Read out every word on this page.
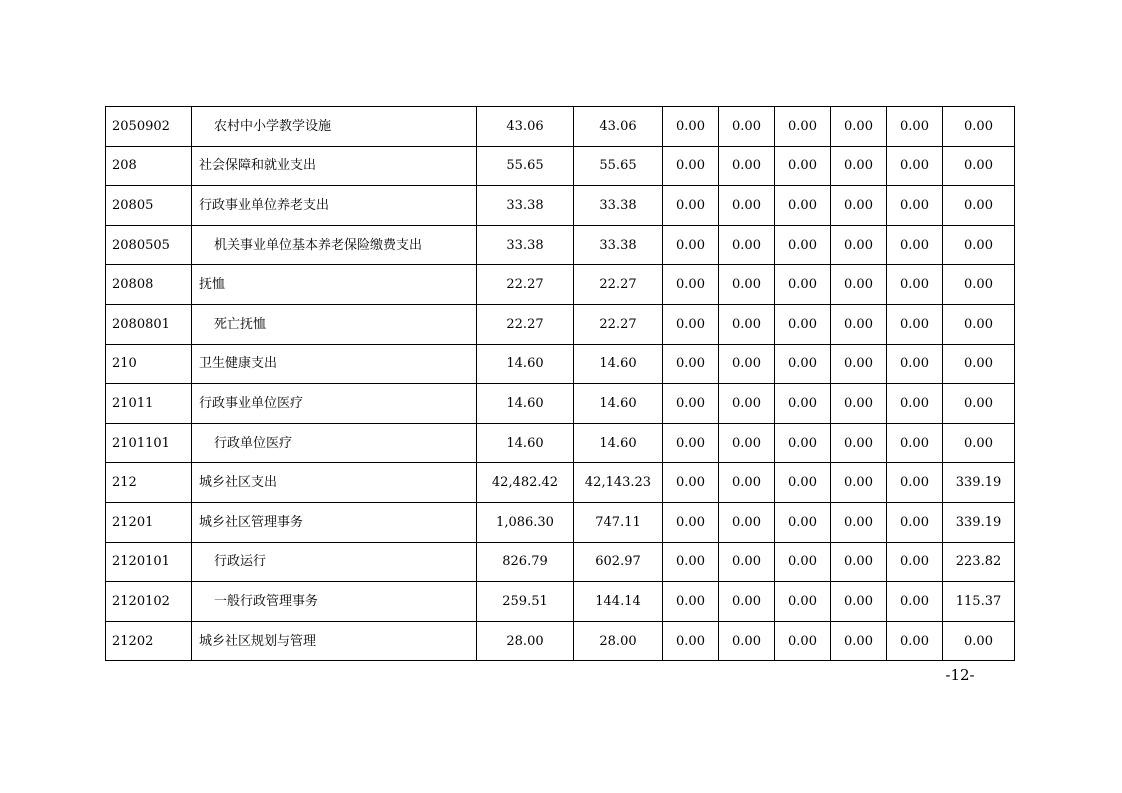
2050902	农村中小学教学设施	43.06	43.06	0.00	0.00	0.00	0.00	0.00	0.00
208	社会保障和就业支出	55.65	55.65	0.00	0.00	0.00	0.00	0.00	0.00
20805	行政事业单位养老支出	33.38	33.38	0.00	0.00	0.00	0.00	0.00	0.00
2080505	机关事业单位基本养老保险缴费支出	33.38	33.38	0.00	0.00	0.00	0.00	0.00	0.00
20808	抚恤	22.27	22.27	0.00	0.00	0.00	0.00	0.00	0.00
2080801	死亡抚恤	22.27	22.27	0.00	0.00	0.00	0.00	0.00	0.00
210	卫生健康支出	14.60	14.60	0.00	0.00	0.00	0.00	0.00	0.00
21011	行政事业单位医疗	14.60	14.60	0.00	0.00	0.00	0.00	0.00	0.00
2101101	行政单位医疗	14.60	14.60	0.00	0.00	0.00	0.00	0.00	0.00
212	城乡社区支出	42,482.42	42,143.23	0.00	0.00	0.00	0.00	0.00	339.19
21201	城乡社区管理事务	1,086.30	747.11	0.00	0.00	0.00	0.00	0.00	339.19
2120101	行政运行	826.79	602.97	0.00	0.00	0.00	0.00	0.00	223.82
2120102	一般行政管理事务	259.51	144.14	0.00	0.00	0.00	0.00	0.00	115.37
21202	城乡社区规划与管理	28.00	28.00	0.00	0.00	0.00	0.00	0.00	0.00
-12-
